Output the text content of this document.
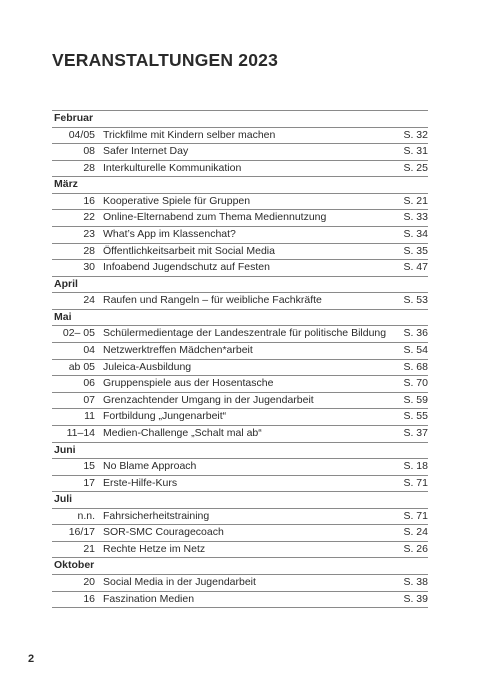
VERANSTALTUNGEN 2023
Februar
04/05 Trickfilme mit Kindern selber machen	S. 32
08 Safer Internet Day	S. 31
28 Interkulturelle Kommunikation	S. 25
März
16 Kooperative Spiele für Gruppen	S. 21
22 Online-Elternabend zum Thema Mediennutzung	S. 33
23 What’s App im Klassenchat?	S. 34
28 Öffentlichkeitsarbeit mit Social Media	S. 35
30 Infoabend Jugendschutz auf Festen	S. 47
April
24 Raufen und Rangeln – für weibliche Fachkräfte	S. 53
Mai
02– 05 Schülermedientage der Landeszentrale für politische Bildung	S. 36
04 Netzwerktreffen Mädchen*arbeit	S. 54
ab 05 Juleica-Ausbildung	S. 68
06 Gruppenspiele aus der Hosentasche	S. 70
07 Grenzachtender Umgang in der Jugendarbeit	S. 59
11 Fortbildung „Jungenarbeit“	S. 55
11–14 Medien-Challenge „Schalt mal ab“	S. 37
Juni
15 No Blame Approach	S. 18
17 Erste-Hilfe-Kurs	S. 71
Juli
n.n. Fahrsicherheitstraining	S. 71
16/17 SOR-SMC Couragecoach	S. 24
21 Rechte Hetze im Netz	S. 26
Oktober
20 Social Media in der Jugendarbeit	S. 38
16 Faszination Medien	S. 39
2
